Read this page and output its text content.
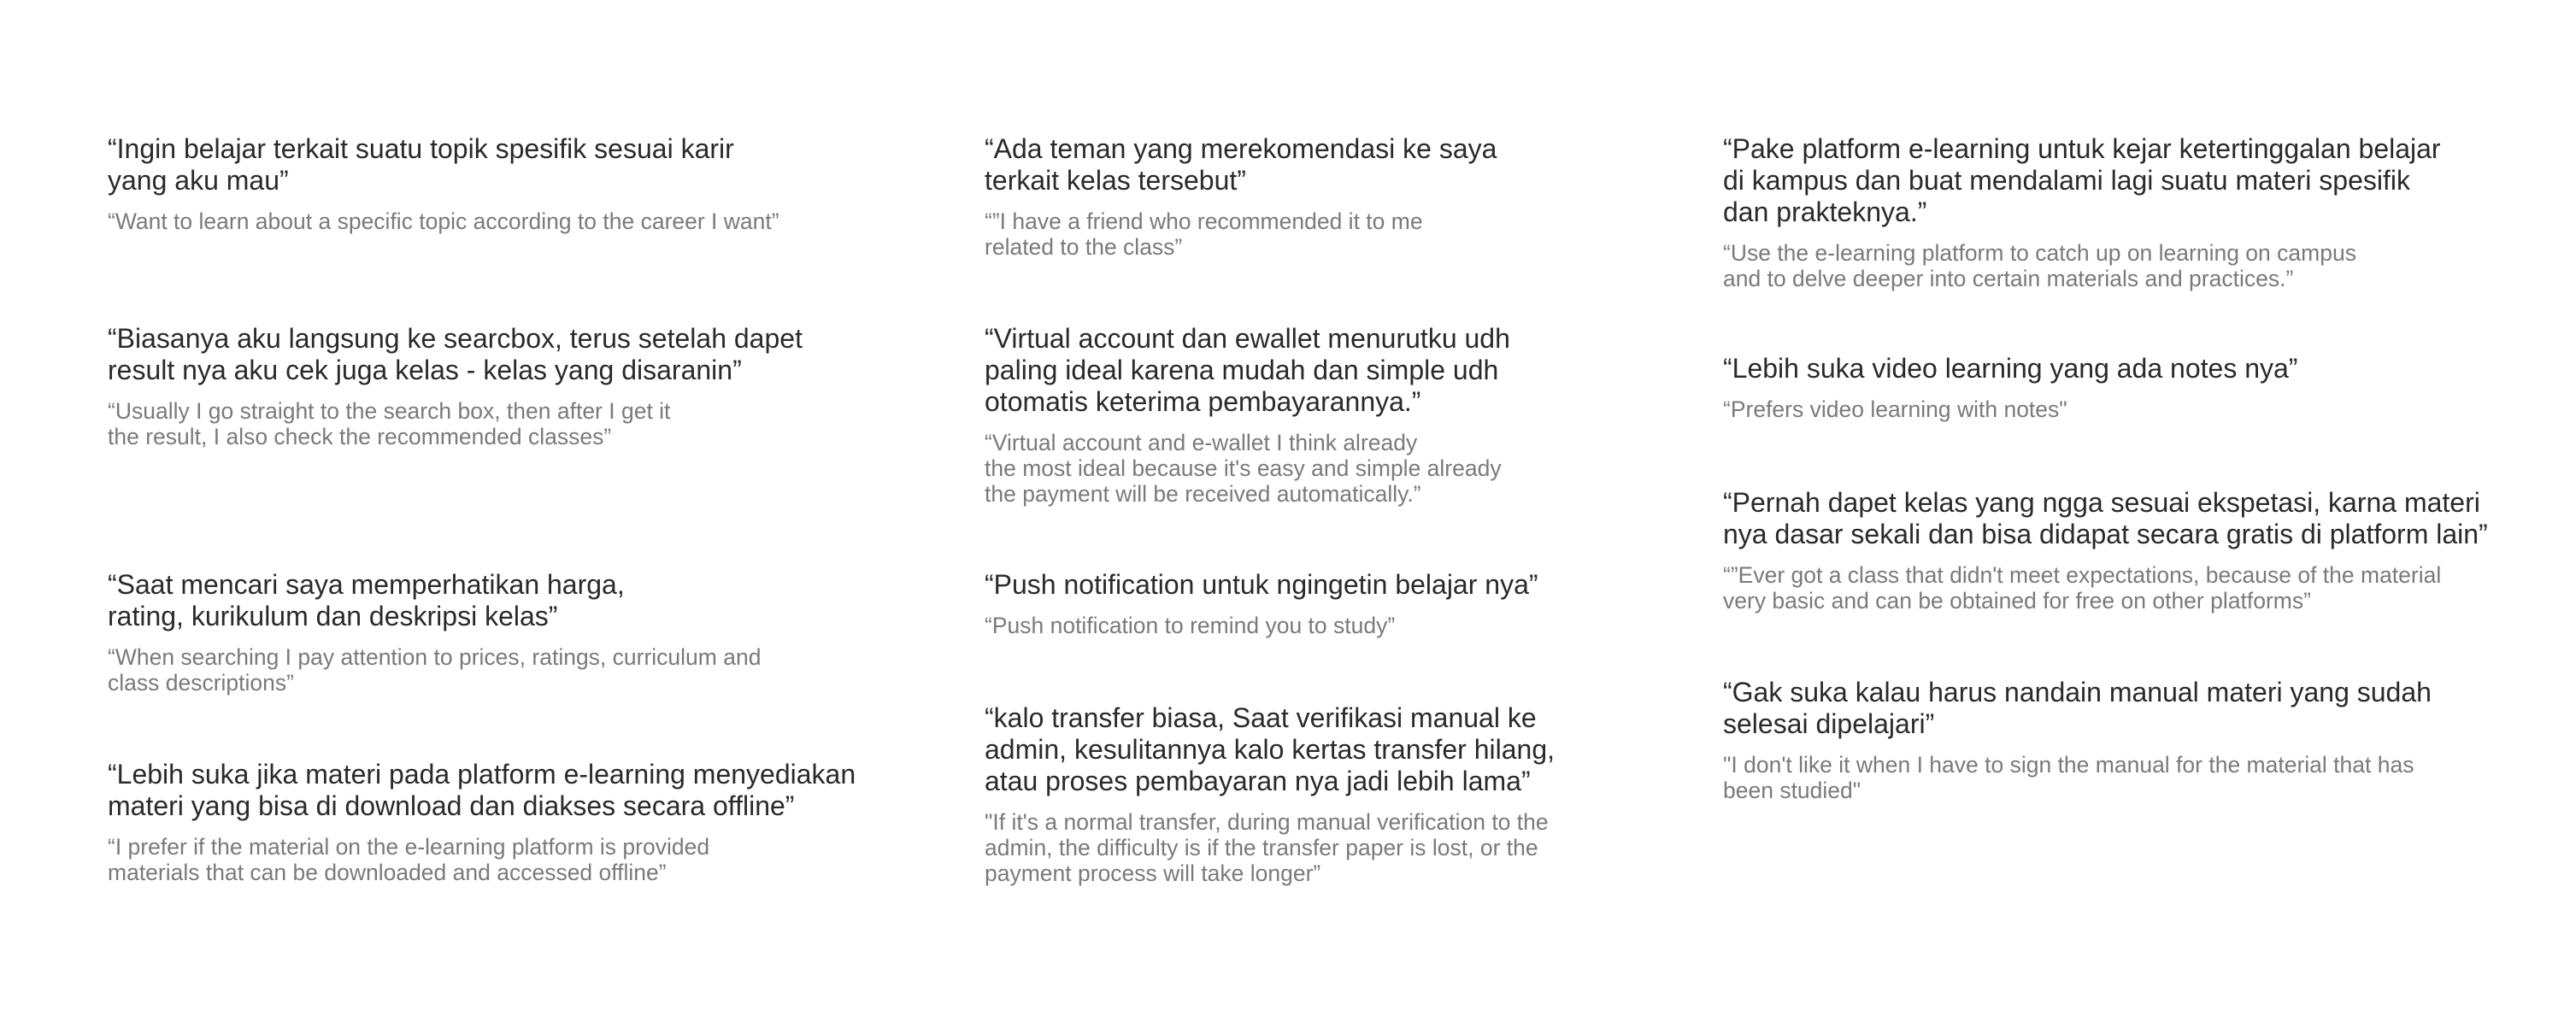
“Ingin belajar terkait suatu topik spesifik sesuai karir
yang aku mau”
“Want to learn about a specific topic according to the career I want”
“Biasanya aku langsung ke searcbox, terus setelah dapet
result nya aku cek juga kelas - kelas yang disaranin”
“Usually I go straight to the search box, then after I get it
the result, I also check the recommended classes”
“Saat mencari saya memperhatikan harga,
rating, kurikulum dan deskripsi kelas”
“When searching I pay attention to prices, ratings, curriculum and
class descriptions”
“Lebih suka jika materi pada platform e-learning menyediakan
materi yang bisa di download dan diakses secara offline”
“I prefer if the material on the e-learning platform is provided
materials that can be downloaded and accessed offline”
“Ada teman yang merekomendasi ke saya
terkait kelas tersebut”
“”I have a friend who recommended it to me
related to the class”
“Virtual account dan ewallet menurutku udh
paling ideal karena mudah dan simple udh
otomatis keterima pembayarannya.”
“Virtual account and e-wallet I think already
the most ideal because it's easy and simple already
the payment will be received automatically.”
“Push notification untuk ngingetin belajar nya”
“Push notification to remind you to study”
“kalo transfer biasa, Saat verifikasi manual ke
admin, kesulitannya kalo kertas transfer hilang,
atau proses pembayaran nya jadi lebih lama”
"If it's a normal transfer, during manual verification to the
admin, the difficulty is if the transfer paper is lost, or the
payment process will take longer”
“Pake platform e-learning untuk kejar ketertinggalan belajar
di kampus dan buat mendalami lagi suatu materi spesifik
dan prakteknya.”
“Use the e-learning platform to catch up on learning on campus
and to delve deeper into certain materials and practices.”
“Lebih suka video learning yang ada notes nya”
“Prefers video learning with notes"
“Pernah dapet kelas yang ngga sesuai ekspetasi, karna materi
nya dasar sekali dan bisa didapat secara gratis di platform lain”
“”Ever got a class that didn't meet expectations, because of the material
very basic and can be obtained for free on other platforms”
“Gak suka kalau harus nandain manual materi yang sudah
selesai dipelajari”
"I don't like it when I have to sign the manual for the material that has
been studied"
